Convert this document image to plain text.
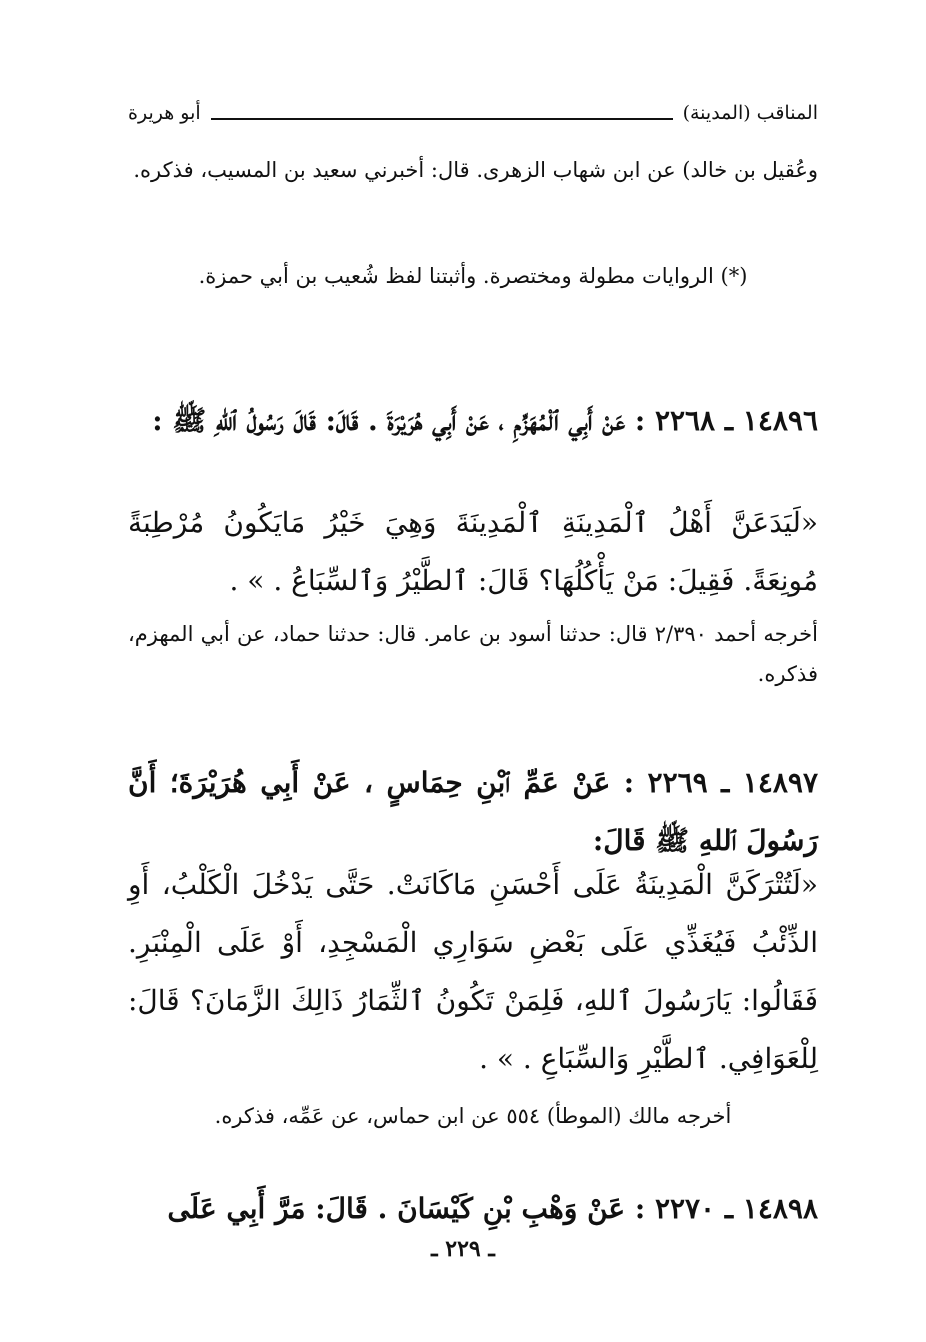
المناقب (المدينة)
أبو هريرة
وعُقيل بن خالد) عن ابن شهاب الزهرى. قال: أخبرني سعيد بن المسيب، فذكره.
(*) الروايات مطولة ومختصرة. وأثبتنا لفظ شُعيب بن أبي حمزة.
١٤٨٩٦ ـ ٢٢٦٨ : عَنْ أَبِي ٱلْمُهَزِّمِ ، عَنْ أَبِي هُرَيْرَةَ . قَالَ: قَالَ رَسُولُ ٱللهِ ﷺ :
«لَيَدَعَنَّ أَهْلُ ٱلْمَدِينَةِ ٱلْمَدِينَةَ وَهِيَ خَيْرُ مَايَكُونُ مُرْطِبَةً مُونِعَةً. فَقِيلَ: مَنْ يَأْكُلُهَا؟ قَالَ: ٱلطَّيْرُ وَٱلسِّبَاعُ . » .
أخرجه أحمد ٢/٣٩٠ قال: حدثنا أسود بن عامر. قال: حدثنا حماد، عن أبي المهزم، فذكره.
١٤٨٩٧ ـ ٢٢٦٩ : عَنْ عَمِّ ٱبْنِ حِمَاسٍ ، عَنْ أَبِي هُرَيْرَةَ؛ أَنَّ رَسُولَ ٱللهِ ﷺ قَالَ:
«لَتُتْرَكَنَّ الْمَدِينَةُ عَلَى أَحْسَنِ مَاكَانَتْ. حَتَّى يَدْخُلَ الْكَلْبُ، أَوِ الذِّئْبُ فَيُغَذِّي عَلَى بَعْضِ سَوَارِي الْمَسْجِدِ، أَوْ عَلَى الْمِنْبَرِ. فَقَالُوا: يَارَسُولَ ٱللهِ، فَلِمَنْ تَكُونُ ٱلثِّمَارُ ذَالِكَ الزَّمَانَ؟ قَالَ: لِلْعَوَافِي. ٱلطَّيْرِ وَالسِّبَاعِ . » .
أخرجه مالك (الموطأ) ٥٥٤ عن ابن حماس، عن عَمِّه، فذكره.
١٤٨٩٨ ـ ٢٢٧٠ : عَنْ وَهْبِ بْنِ كَيْسَانَ . قَالَ: مَرَّ أَبِي عَلَى
ـ ٢٢٩ ـ
